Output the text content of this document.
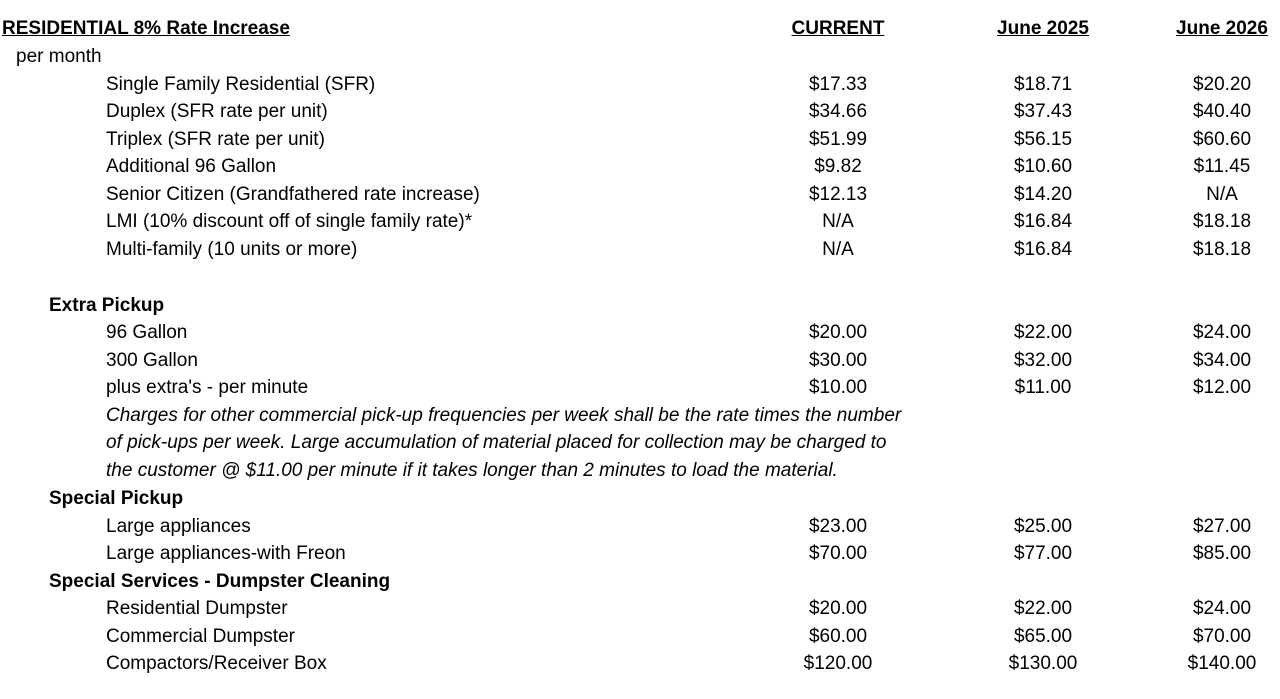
RESIDENTIAL 8% Rate Increase	CURRENT	June 2025	June 2026
per month
Single Family Residential (SFR)	$17.33	$18.71	$20.20
Duplex (SFR rate per unit)	$34.66	$37.43	$40.40
Triplex (SFR rate per unit)	$51.99	$56.15	$60.60
Additional 96 Gallon	$9.82	$10.60	$11.45
Senior Citizen (Grandfathered rate increase)	$12.13	$14.20	N/A
LMI (10% discount off of single family rate)*	N/A	$16.84	$18.18
Multi-family (10 units or more)	N/A	$16.84	$18.18
Extra Pickup
96 Gallon	$20.00	$22.00	$24.00
300 Gallon	$30.00	$32.00	$34.00
plus extra's - per minute	$10.00	$11.00	$12.00
Charges for other commercial pick-up frequencies per week shall be the rate times the number
of pick-ups per week. Large accumulation of material placed for collection may be charged to
the customer @ $11.00 per minute if it takes longer than 2 minutes to load the material.
Special Pickup
Large appliances	$23.00	$25.00	$27.00
Large appliances-with Freon	$70.00	$77.00	$85.00
Special Services - Dumpster Cleaning
Residential Dumpster	$20.00	$22.00	$24.00
Commercial Dumpster	$60.00	$65.00	$70.00
Compactors/Receiver Box	$120.00	$130.00	$140.00
